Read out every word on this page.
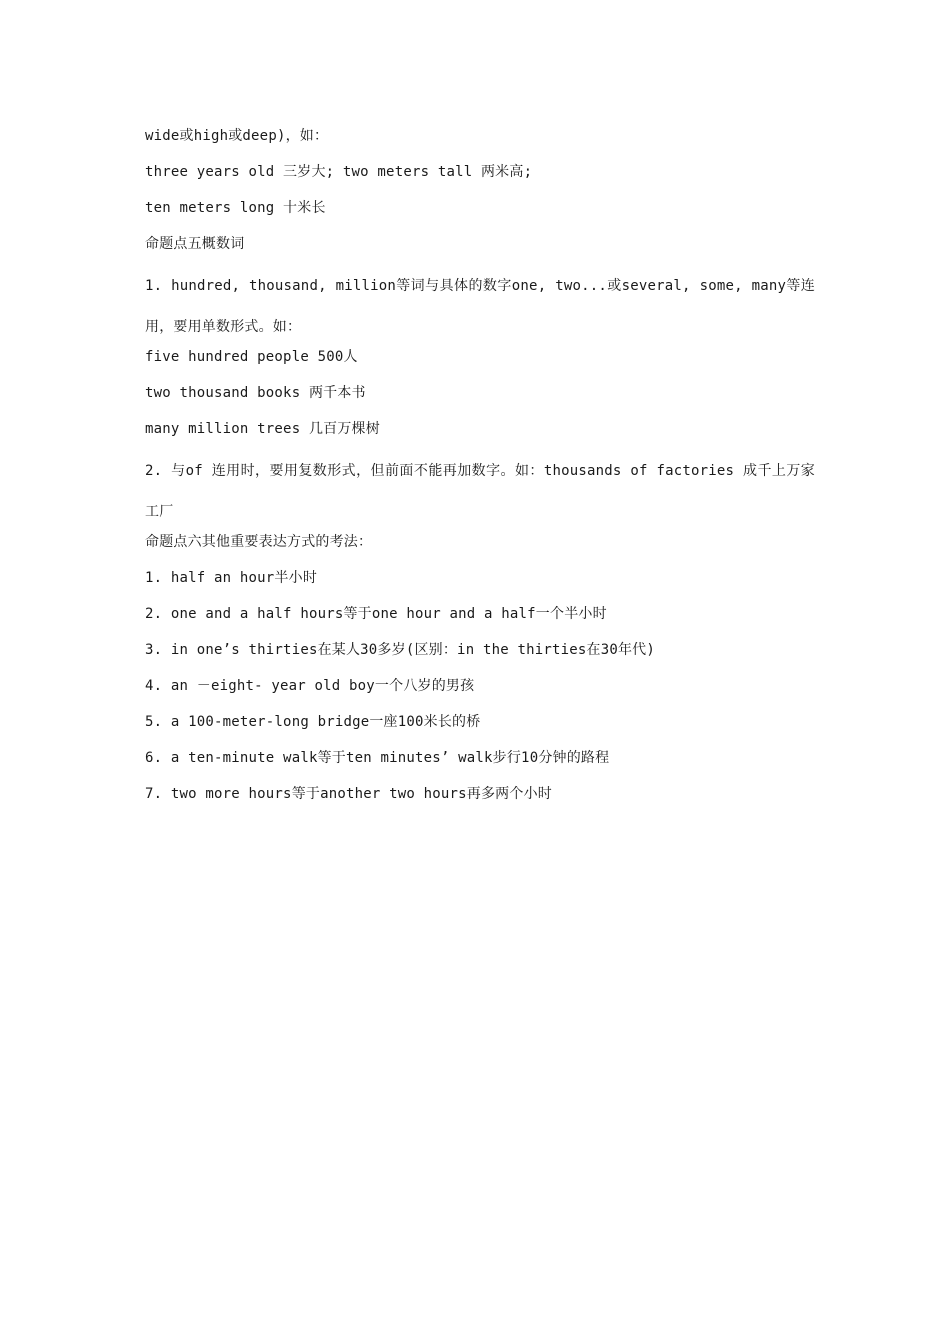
wide或high或deep)，如：
three years old 三岁大; two meters tall 两米高;
ten meters long 十米长
命题点五概数词
1. hundred, thousand, million等词与具体的数字one, two...或several, some, many等连用，要用单数形式。如：
five hundred people 500人
two thousand books 两千本书
many million trees 几百万棵树
2. 与of 连用时，要用复数形式，但前面不能再加数字。如：thousands of factories 成千上万家工厂
命题点六其他重要表达方式的考法：
1. half an hour半小时
2. one and a half hours等于one hour and a half一个半小时
3. in one’s thirties在某人30多岁(区别：in the thirties在30年代)
4. an －eight- year old boy一个八岁的男孩
5. a 100-meter-long bridge一座100米长的桥
6. a ten-minute walk等于ten minutes’ walk步行10分钟的路程
7. two more hours等于another two hours再多两个小时
